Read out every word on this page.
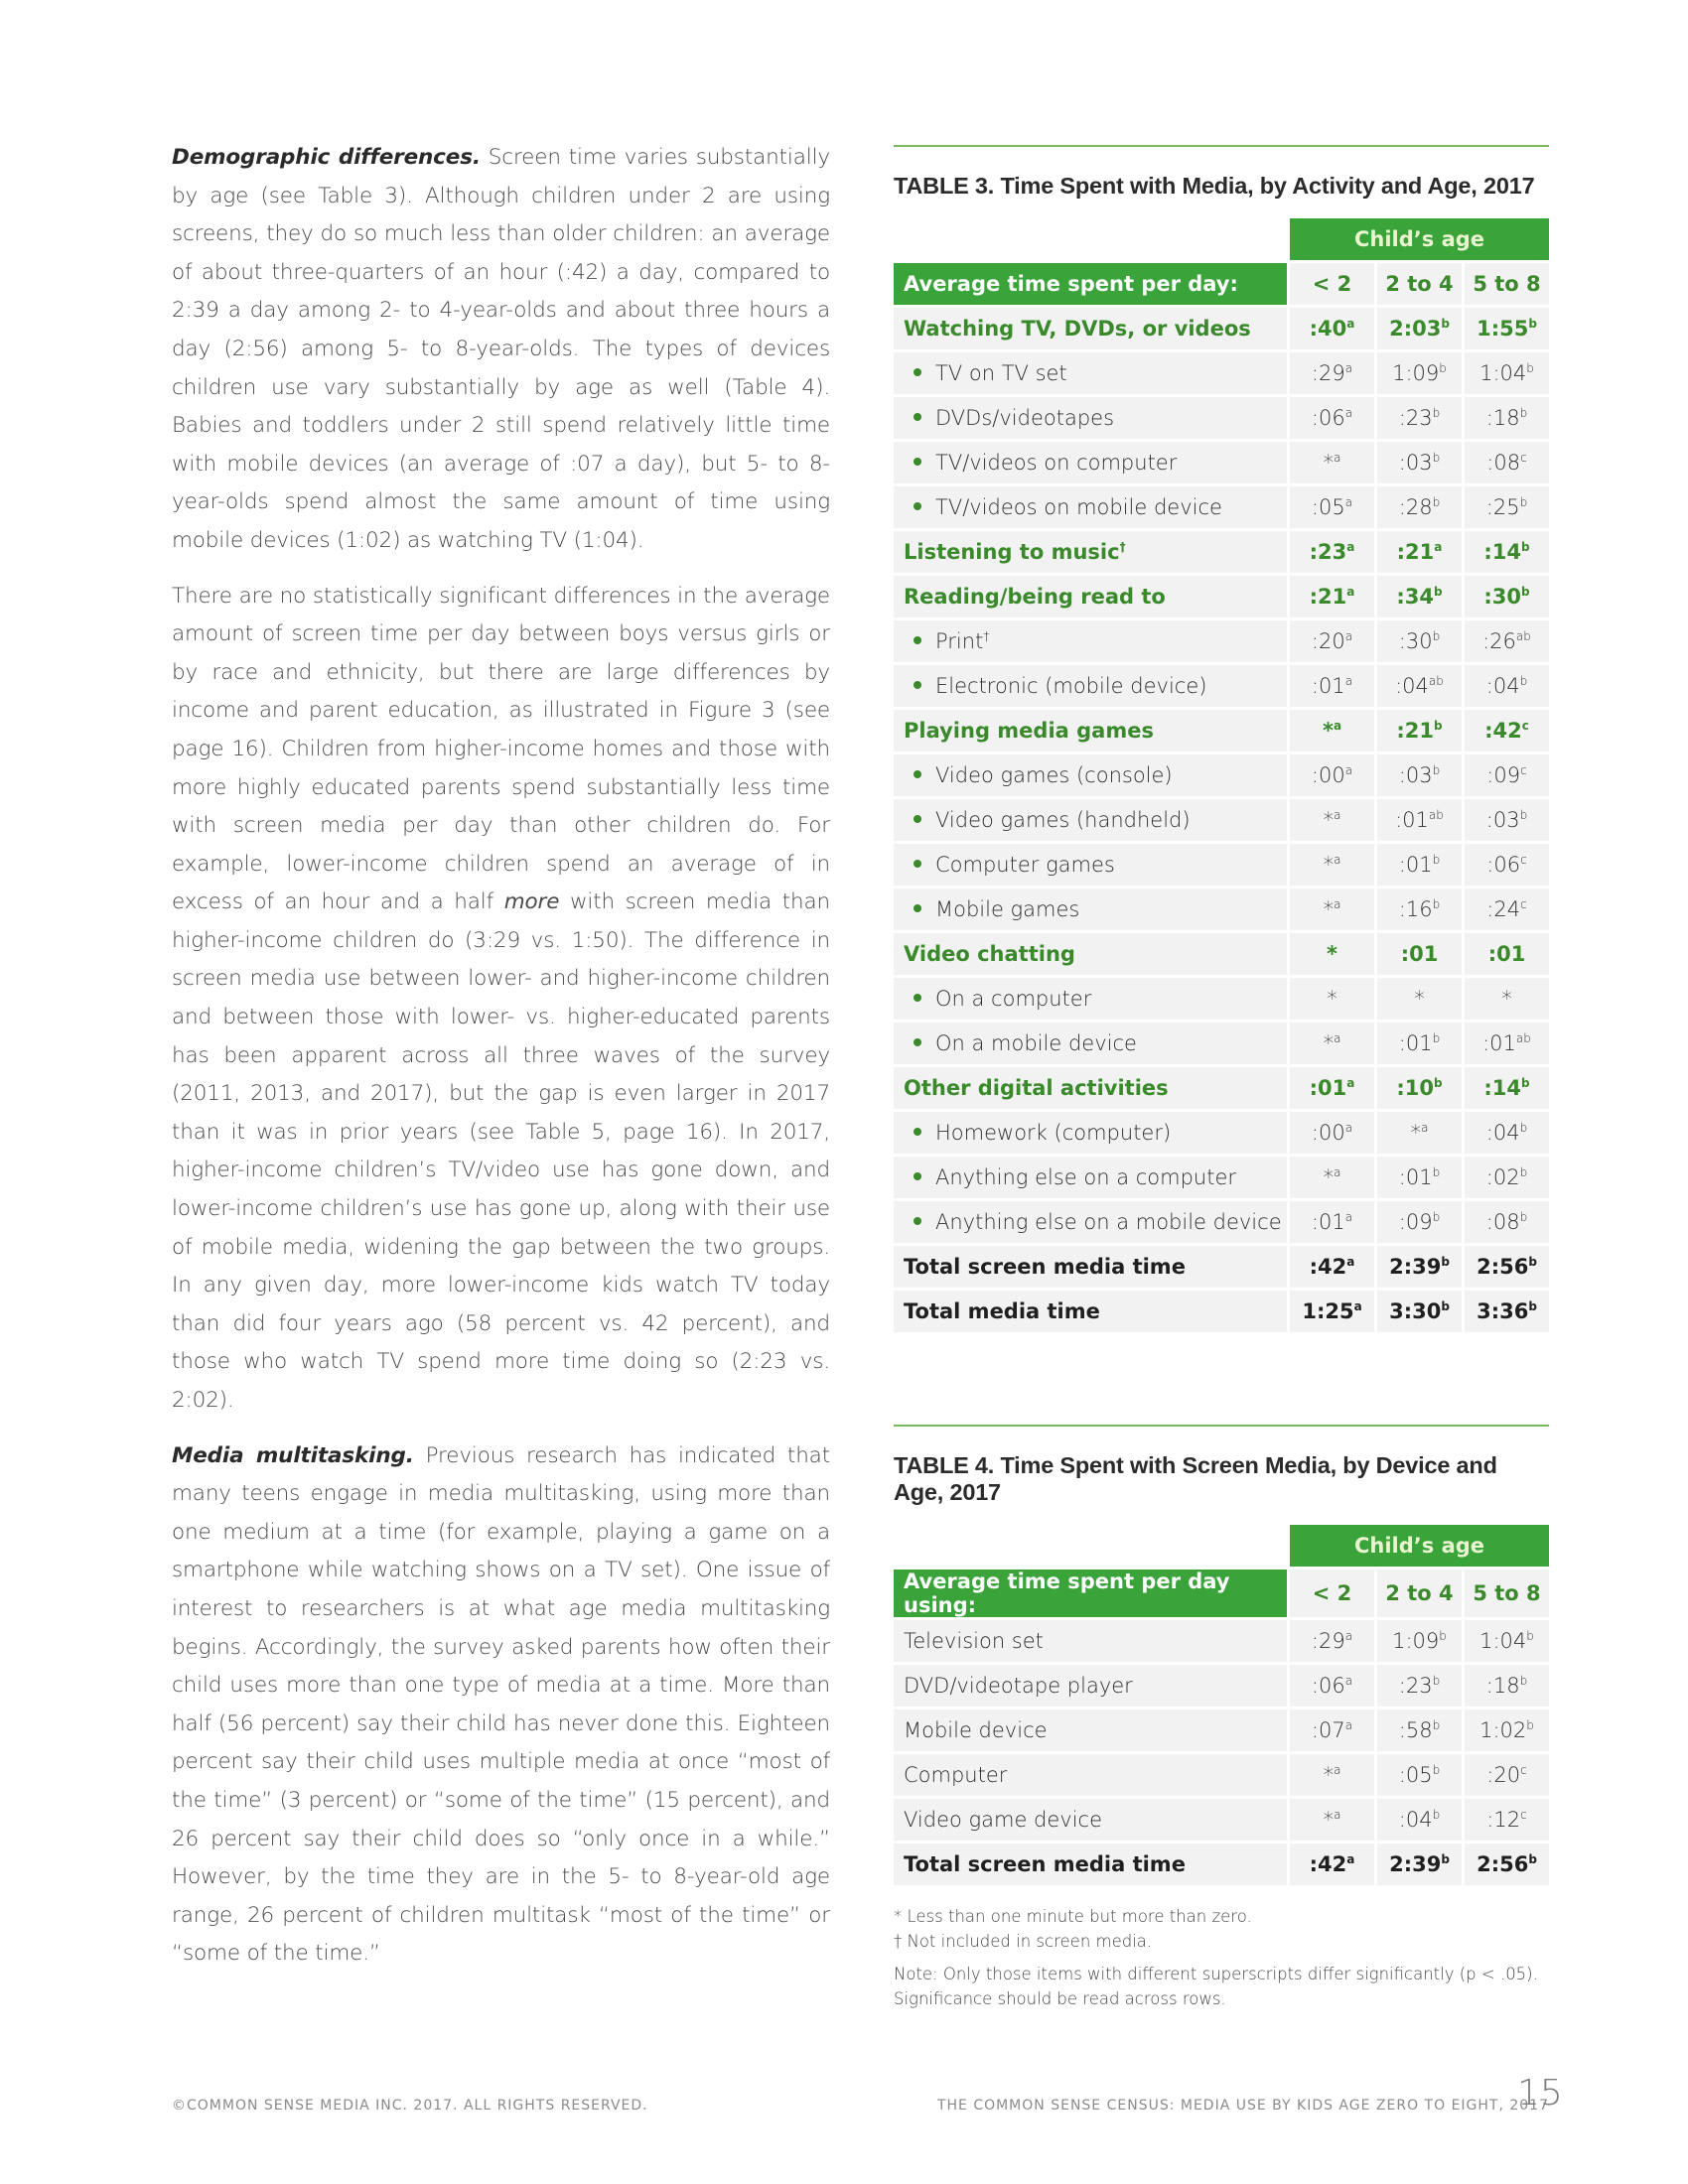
Demographic differences. Screen time varies substantially by age (see Table 3). Although children under 2 are using screens, they do so much less than older children: an average of about three-quarters of an hour (:42) a day, compared to 2:39 a day among 2- to 4-year-olds and about three hours a day (2:56) among 5- to 8-year-olds. The types of devices children use vary substantially by age as well (Table 4). Babies and toddlers under 2 still spend relatively little time with mobile devices (an average of :07 a day), but 5- to 8-year-olds spend almost the same amount of time using mobile devices (1:02) as watching TV (1:04).

There are no statistically significant differences in the average amount of screen time per day between boys versus girls or by race and ethnicity, but there are large differences by income and parent education, as illustrated in Figure 3 (see page 16). Children from higher-income homes and those with more highly educated parents spend substantially less time with screen media per day than other children do. For example, lower-income children spend an average of in excess of an hour and a half more with screen media than higher-income children do (3:29 vs. 1:50). The difference in screen media use between lower- and higher-income children and between those with lower- vs. higher-educated parents has been apparent across all three waves of the survey (2011, 2013, and 2017), but the gap is even larger in 2017 than it was in prior years (see Table 5, page 16). In 2017, higher-income children’s TV/video use has gone down, and lower-income children’s use has gone up, along with their use of mobile media, widening the gap between the two groups. In any given day, more lower-income kids watch TV today than did four years ago (58 percent vs. 42 percent), and those who watch TV spend more time doing so (2:23 vs. 2:02).

Media multitasking. Previous research has indicated that many teens engage in media multitasking, using more than one medium at a time (for example, playing a game on a smartphone while watching shows on a TV set). One issue of interest to researchers is at what age media multitasking begins. Accordingly, the survey asked parents how often their child uses more than one type of media at a time. More than half (56 percent) say their child has never done this. Eighteen percent say their child uses multiple media at once “most of the time” (3 percent) or “some of the time” (15 percent), and 26 percent say their child does so “only once in a while.” However, by the time they are in the 5- to 8-year-old age range, 26 percent of children multitask “most of the time” or “some of the time.”

TABLE 3. Time Spent with Media, by Activity and Age, 2017
	Child’s age		
Average time spent per day:	< 2	2 to 4	5 to 8
Watching TV, DVDs, or videos	:40$^a$	2:03$^b$	1:55$^b$
TV on TV set	:29$^a$	1:09$^b$	1:04$^b$
DVDs/videotapes	:06$^a$	:23$^b$	:18$^b$
TV/videos on computer	*$^a$	:03$^b$	:08$^c$
TV/videos on mobile device	:05$^a$	:28$^b$	:25$^b$
Listening to music†	:23$^a$	:21$^a$	:14$^b$
Reading/being read to	:21$^a$	:34$^b$	:30$^b$
Print†	:20$^a$	:30$^b$	$:26^{ab}$
Electronic (mobile device)	:01$^a$	$:04^{ab}$	:04$^b$
Playing media games	*$^a$	:21$^b$	:42$^c$
Video games (console)	:00$^a$	:03$^b$	:09$^c$
Video games (handheld)	*$^a$	$:01^{ab}$	:03$^b$
Computer games	*$^a$	:01$^b$	:06$^c$
Mobile games	*$^a$	:16$^b$	:24$^c$
Video chatting	*	:01	:01
On a computer	*	*	*
On a mobile device	*$^a$	:01$^b$	$:01^{ab}$
Other digital activities	:01$^a$	:10$^b$	:14$^b$
Homework (computer)	:00$^a$	*$^a$	:04$^b$
Anything else on a computer	*$^a$	:01$^b$	:02$^b$
Anything else on a mobile device	:01$^a$	:09$^b$	:08$^b$
Total screen media time	:42$^a$	2:39$^b$	2:56$^b$
Total media time	1:25$^a$	3:30$^b$	3:36$^b$
TABLE 4. Time Spent with Screen Media, by Device and Age, 2017
	Child’s age		
Average time spent per day using:	< 2	2 to 4	5 to 8
Television set	:29$^a$	1:09$^b$	1:04$^b$
DVD/videotape player	:06$^a$	:23$^b$	:18$^b$
Mobile device	:07$^a$	:58$^b$	1:02$^b$
Computer	*$^a$	:05$^b$	:20$^c$
Video game device	*$^a$	:04$^b$	:12$^c$
Total screen media time	:42$^a$	2:39$^b$	2:56$^b$

* Less than one minute but more than zero.

† Not included in screen media.

Note: Only those items with different superscripts differ significantly (p < .05). Significance should be read across rows.

©COMMON SENSE MEDIA INC. 2017. ALL RIGHTS RESERVED.	THE COMMON SENSE CENSUS: MEDIA USE BY KIDS AGE ZERO TO EIGHT, 2017
15
